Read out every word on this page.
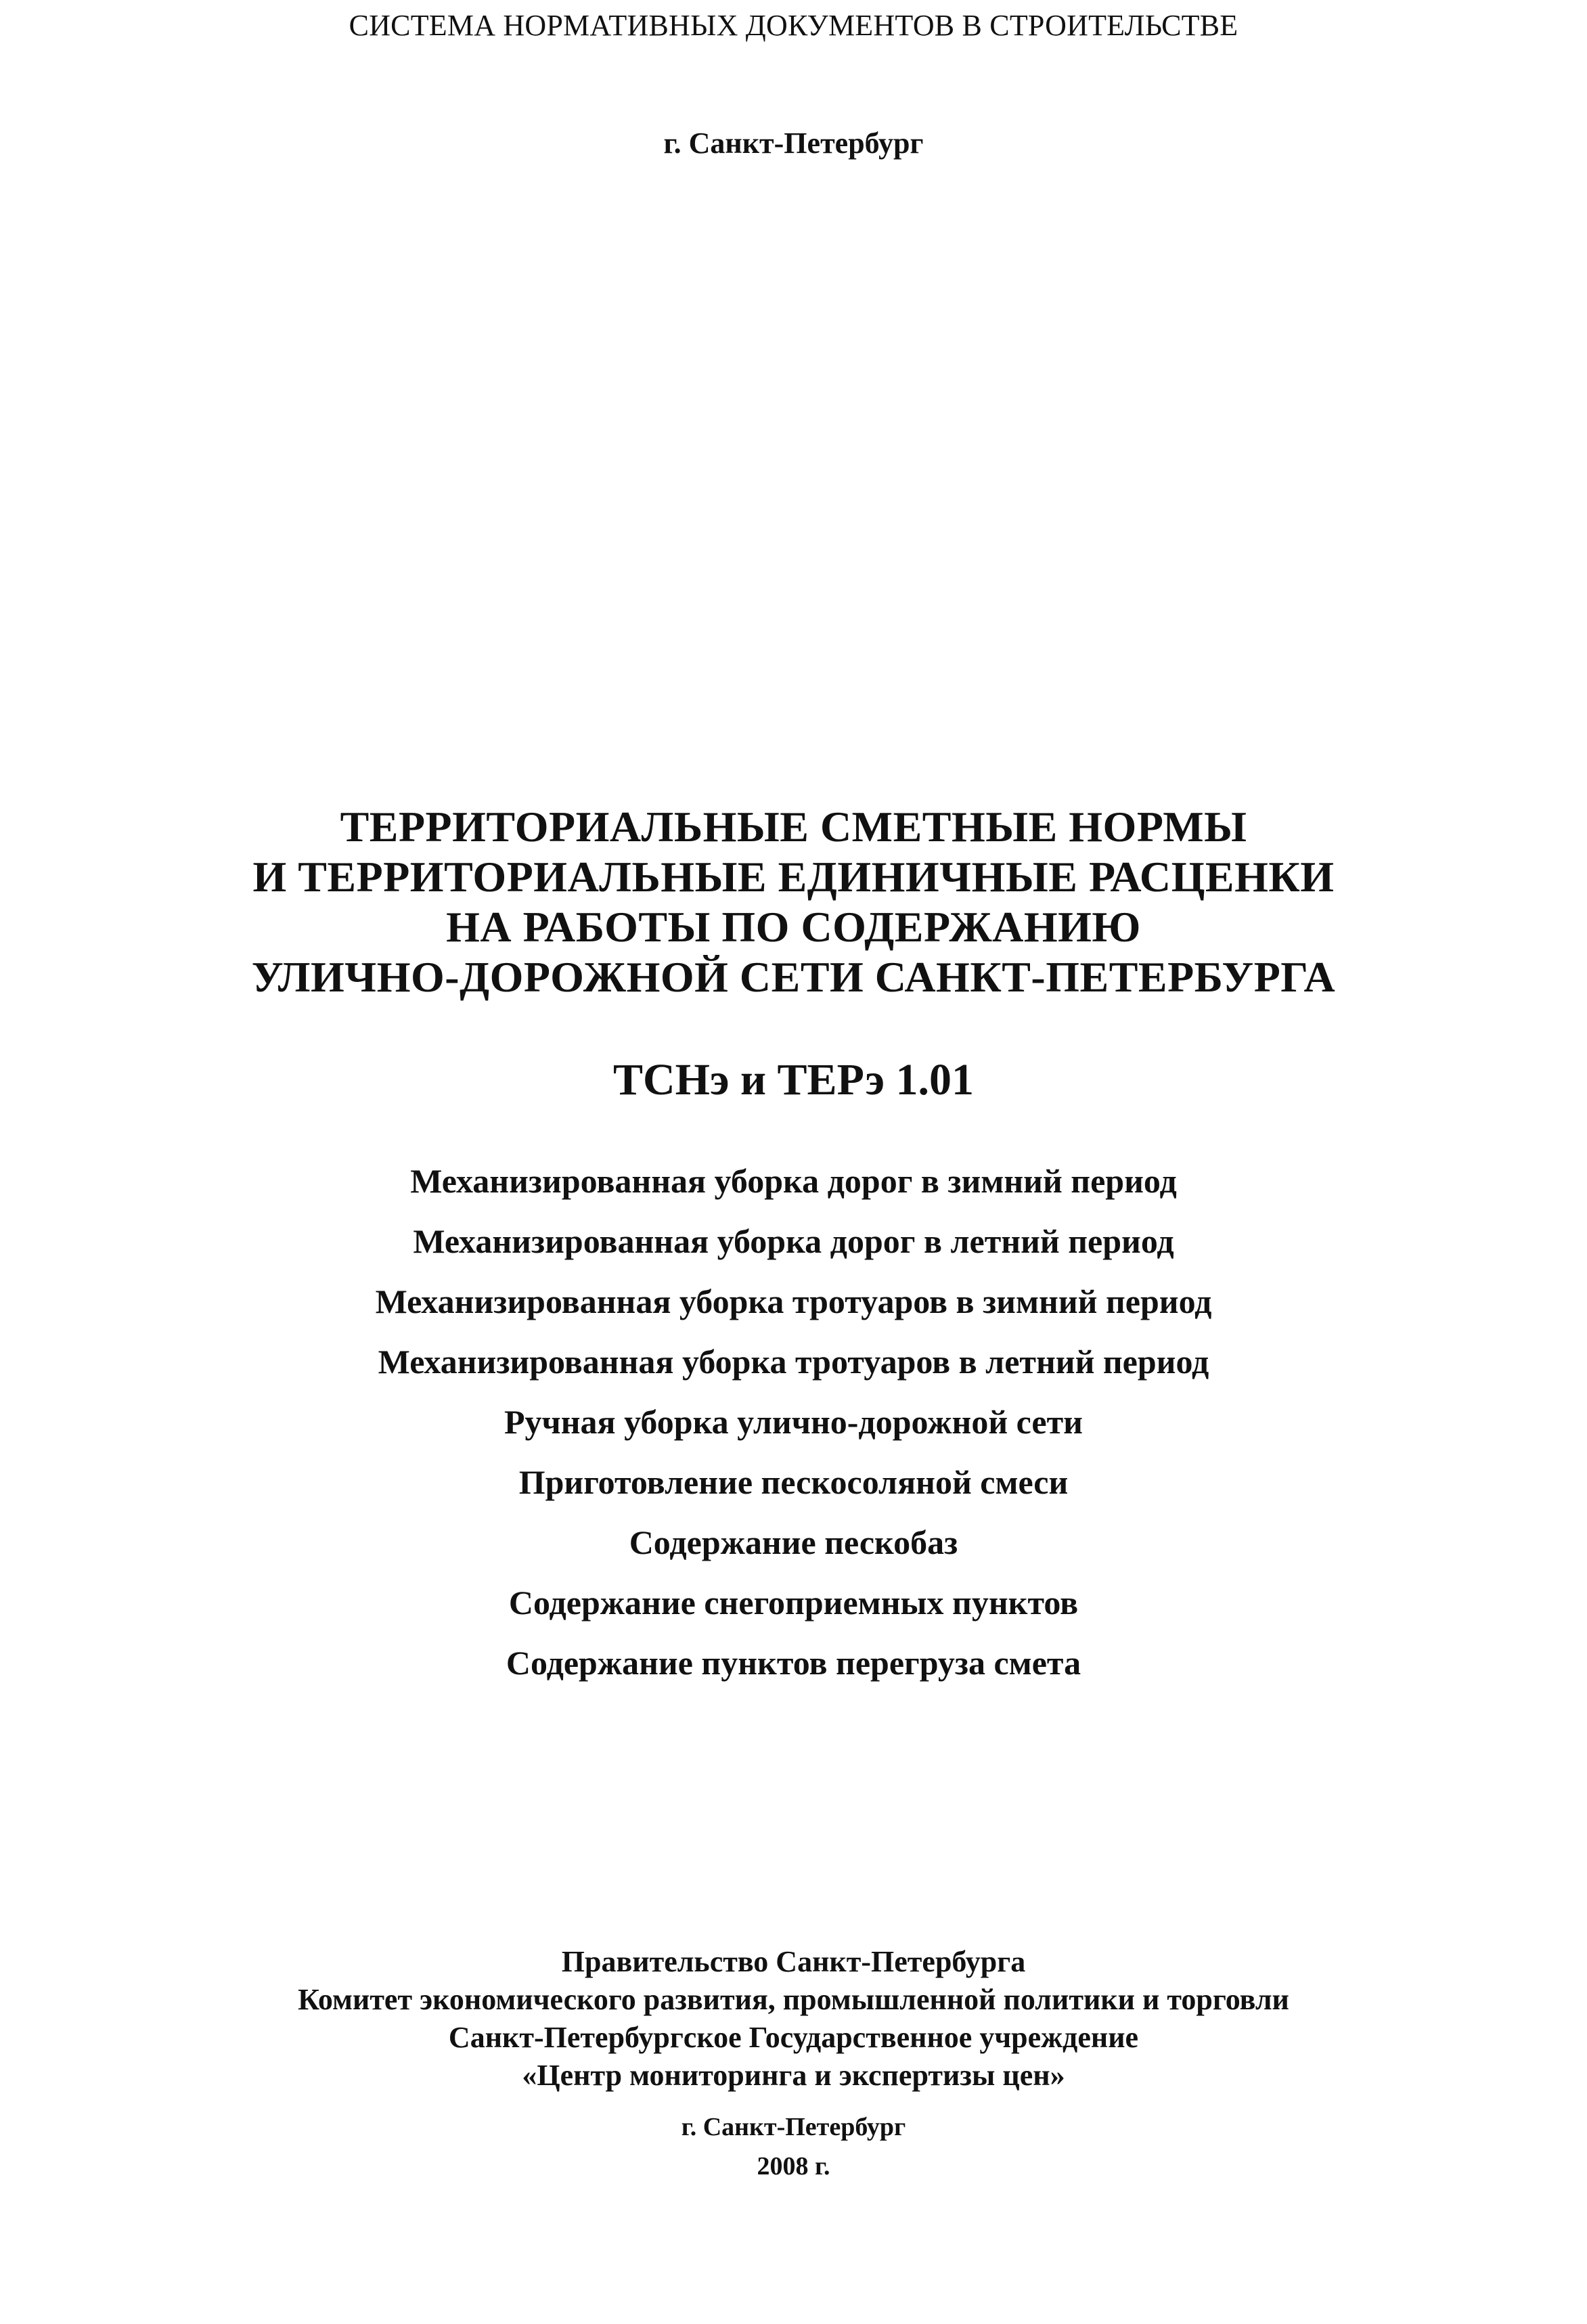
СИСТЕМА НОРМАТИВНЫХ ДОКУМЕНТОВ В СТРОИТЕЛЬСТВЕ
г. Санкт-Петербург
ТЕРРИТОРИАЛЬНЫЕ СМЕТНЫЕ НОРМЫ
И ТЕРРИТОРИАЛЬНЫЕ ЕДИНИЧНЫЕ РАСЦЕНКИ
НА РАБОТЫ ПО СОДЕРЖАНИЮ
УЛИЧНО-ДОРОЖНОЙ СЕТИ САНКТ-ПЕТЕРБУРГА
ТСНэ и ТЕРэ 1.01
Механизированная уборка дорог в зимний период
Механизированная уборка дорог в летний период
Механизированная уборка тротуаров в зимний период
Механизированная уборка тротуаров в летний период
Ручная уборка улично-дорожной сети
Приготовление пескосоляной смеси
Содержание пескобаз
Содержание снегоприемных пунктов
Содержание пунктов перегруза смета
Правительство Санкт-Петербурга
Комитет экономического развития, промышленной политики и торговли
Санкт-Петербургское Государственное учреждение
«Центр мониторинга и экспертизы цен»
г. Санкт-Петербург
2008 г.
